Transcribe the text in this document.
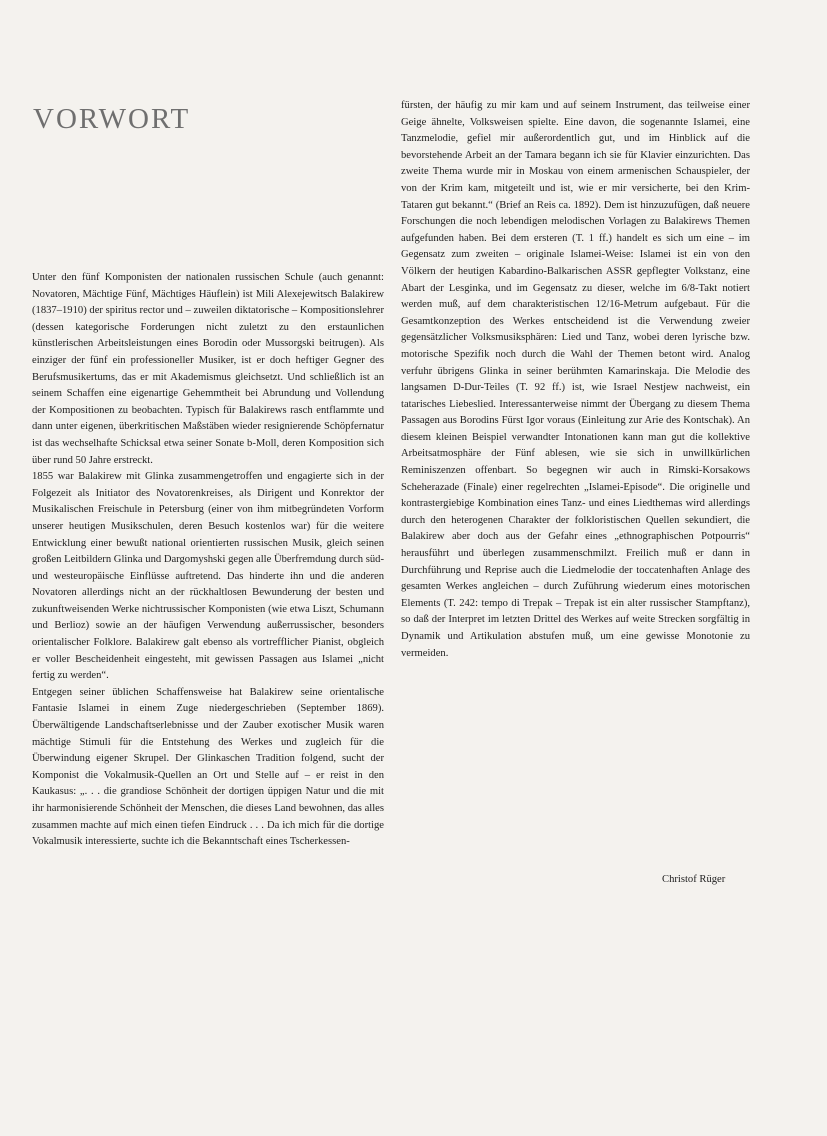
VORWORT

Unter den fünf Komponisten der nationalen russischen Schule (auch genannt: Novatoren, Mächtige Fünf, Mächtiges Häuflein) ist Mili Alexejewitsch Balakirew (1837–1910) der spiritus rector und – zuweilen diktatorische – Kompositionslehrer (dessen kategorische Forderungen nicht zuletzt zu den erstaunlichen künstlerischen Arbeitsleistungen eines Borodin oder Mussorgski beitrugen). Als einziger der fünf ein professioneller Musiker, ist er doch heftiger Gegner des Berufsmusikertums, das er mit Akademismus gleichsetzt. Und schließlich ist an seinem Schaffen eine eigenartige Gehemmtheit bei Abrundung und Vollendung der Kompositionen zu beobachten. Typisch für Balakirews rasch entflammte und dann unter eigenen, überkritischen Maßstäben wieder resignierende Schöpfernatur ist das wechselhafte Schicksal etwa seiner Sonate b-Moll, deren Komposition sich über rund 50 Jahre erstreckt.

1855 war Balakirew mit Glinka zusammengetroffen und engagierte sich in der Folgezeit als Initiator des Novatorenkreises, als Dirigent und Konrektor der Musikalischen Freischule in Petersburg (einer von ihm mitbegründeten Vorform unserer heutigen Musikschulen, deren Besuch kostenlos war) für die weitere Entwicklung einer bewußt national orientierten russischen Musik, gleich seinen großen Leitbildern Glinka und Dargomyshski gegen alle Überfremdung durch süd- und westeuropäische Einflüsse auftretend. Das hinderte ihn und die anderen Novatoren allerdings nicht an der rückhaltlosen Bewunderung der besten und zukunftweisenden Werke nichtrussischer Komponisten (wie etwa Liszt, Schumann und Berlioz) sowie an der häufigen Verwendung außerrussischer, besonders orientalischer Folklore. Balakirew galt ebenso als vortrefflicher Pianist, obgleich er voller Bescheidenheit eingesteht, mit gewissen Passagen aus Islamei „nicht fertig zu werden“.

Entgegen seiner üblichen Schaffensweise hat Balakirew seine orientalische Fantasie Islamei in einem Zuge niedergeschrieben (September 1869). Überwältigende Landschaftserlebnisse und der Zauber exotischer Musik waren mächtige Stimuli für die Entstehung des Werkes und zugleich für die Überwindung eigener Skrupel. Der Glinkaschen Tradition folgend, sucht der Komponist die Vokalmusik-Quellen an Ort und Stelle auf – er reist in den Kaukasus: „. . . die grandiose Schönheit der dortigen üppigen Natur und die mit ihr harmonisierende Schönheit der Menschen, die dieses Land bewohnen, das alles zusammen machte auf mich einen tiefen Eindruck . . . Da ich mich für die dortige Vokalmusik interessierte, suchte ich die Bekanntschaft eines Tscherkessen-

fürsten, der häufig zu mir kam und auf seinem Instrument, das teilweise einer Geige ähnelte, Volksweisen spielte. Eine davon, die sogenannte Islamei, eine Tanzmelodie, gefiel mir außerordentlich gut, und im Hinblick auf die bevorstehende Arbeit an der Tamara begann ich sie für Klavier einzurichten. Das zweite Thema wurde mir in Moskau von einem armenischen Schauspieler, der von der Krim kam, mitgeteilt und ist, wie er mir versicherte, bei den Krim-Tataren gut bekannt.“ (Brief an Reis ca. 1892). Dem ist hinzuzufügen, daß neuere Forschungen die noch lebendigen melodischen Vorlagen zu Balakirews Themen aufgefunden haben. Bei dem ersteren (T. 1 ff.) handelt es sich um eine – im Gegensatz zum zweiten – originale Islamei-Weise: Islamei ist ein von den Völkern der heutigen Kabardino-Balkarischen ASSR gepflegter Volkstanz, eine Abart der Lesginka, und im Gegensatz zu dieser, welche im 6/8-Takt notiert werden muß, auf dem charakteristischen 12/16-Metrum aufgebaut. Für die Gesamtkonzeption des Werkes entscheidend ist die Verwendung zweier gegensätzlicher Volksmusiksphären: Lied und Tanz, wobei deren lyrische bzw. motorische Spezifik noch durch die Wahl der Themen betont wird. Analog verfuhr übrigens Glinka in seiner berühmten Kamarinskaja. Die Melodie des langsamen D-Dur-Teiles (T. 92 ff.) ist, wie Israel Nestjew nachweist, ein tatarisches Liebeslied. Interessanterweise nimmt der Übergang zu diesem Thema Passagen aus Borodins Fürst Igor voraus (Einleitung zur Arie des Kontschak). An diesem kleinen Beispiel verwandter Intonationen kann man gut die kollektive Arbeitsatmosphäre der Fünf ablesen, wie sie sich in unwillkürlichen Reminiszenzen offenbart. So begegnen wir auch in Rimski-Korsakows Scheherazade (Finale) einer regelrechten „Islamei-Episode“. Die originelle und kontrastergiebige Kombination eines Tanz- und eines Liedthemas wird allerdings durch den heterogenen Charakter der folkloristischen Quellen sekundiert, die Balakirew aber doch aus der Gefahr eines „ethnographischen Potpourris“ herausführt und überlegen zusammenschmilzt. Freilich muß er dann in Durchführung und Reprise auch die Liedmelodie der toccatenhaften Anlage des gesamten Werkes angleichen – durch Zuführung wiederum eines motorischen Elements (T. 242: tempo di Trepak – Trepak ist ein alter russischer Stampftanz), so daß der Interpret im letzten Drittel des Werkes auf weite Strecken sorgfältig in Dynamik und Artikulation abstufen muß, um eine gewisse Monotonie zu vermeiden.

Christof Rüger
